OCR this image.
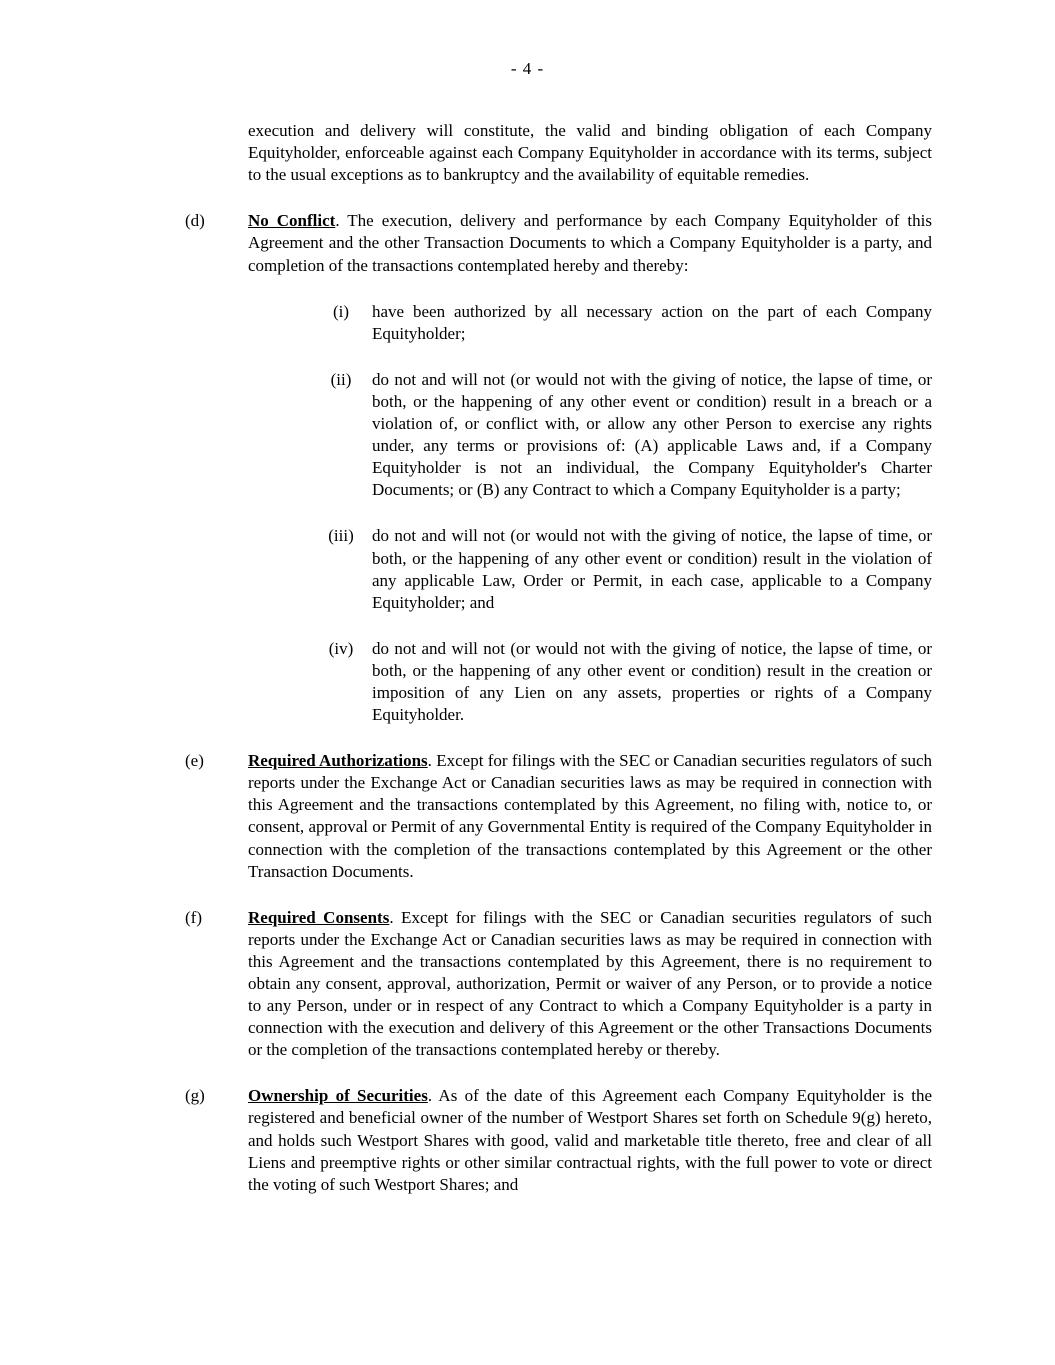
- 4 -
execution and delivery will constitute, the valid and binding obligation of each Company Equityholder, enforceable against each Company Equityholder in accordance with its terms, subject to the usual exceptions as to bankruptcy and the availability of equitable remedies.
(d)	No Conflict. The execution, delivery and performance by each Company Equityholder of this Agreement and the other Transaction Documents to which a Company Equityholder is a party, and completion of the transactions contemplated hereby and thereby:
(i)	have been authorized by all necessary action on the part of each Company Equityholder;
(ii)	do not and will not (or would not with the giving of notice, the lapse of time, or both, or the happening of any other event or condition) result in a breach or a violation of, or conflict with, or allow any other Person to exercise any rights under, any terms or provisions of: (A) applicable Laws and, if a Company Equityholder is not an individual, the Company Equityholder's Charter Documents; or (B) any Contract to which a Company Equityholder is a party;
(iii)	do not and will not (or would not with the giving of notice, the lapse of time, or both, or the happening of any other event or condition) result in the violation of any applicable Law, Order or Permit, in each case, applicable to a Company Equityholder; and
(iv)	do not and will not (or would not with the giving of notice, the lapse of time, or both, or the happening of any other event or condition) result in the creation or imposition of any Lien on any assets, properties or rights of a Company Equityholder.
(e)	Required Authorizations. Except for filings with the SEC or Canadian securities regulators of such reports under the Exchange Act or Canadian securities laws as may be required in connection with this Agreement and the transactions contemplated by this Agreement, no filing with, notice to, or consent, approval or Permit of any Governmental Entity is required of the Company Equityholder in connection with the completion of the transactions contemplated by this Agreement or the other Transaction Documents.
(f)	Required Consents. Except for filings with the SEC or Canadian securities regulators of such reports under the Exchange Act or Canadian securities laws as may be required in connection with this Agreement and the transactions contemplated by this Agreement, there is no requirement to obtain any consent, approval, authorization, Permit or waiver of any Person, or to provide a notice to any Person, under or in respect of any Contract to which a Company Equityholder is a party in connection with the execution and delivery of this Agreement or the other Transactions Documents or the completion of the transactions contemplated hereby or thereby.
(g)	Ownership of Securities. As of the date of this Agreement each Company Equityholder is the registered and beneficial owner of the number of Westport Shares set forth on Schedule 9(g) hereto, and holds such Westport Shares with good, valid and marketable title thereto, free and clear of all Liens and preemptive rights or other similar contractual rights, with the full power to vote or direct the voting of such Westport Shares; and
